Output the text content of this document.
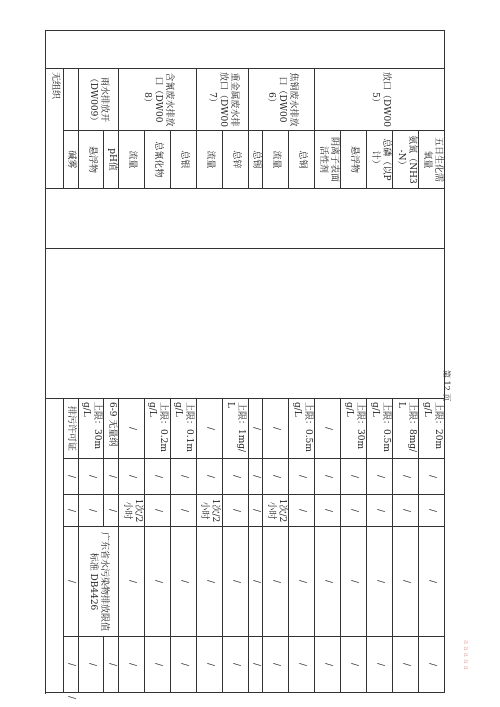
	放口（DW005）	五日生化需氧量			上限：20mg/L	/	/	/	/	
		氨氮（NH3-N）			上限：8mg/L	/	/	/	/	
		总磷（以P计）			上限：0.5mg/L	/	/	/	/	
		悬浮物			上限：30mg/L	/	/	/	/	
		阴离子表面活性剂			/	/	/	/	/	
	焦铜废水排放口（DW006）	总铜			上限：0.5mg/L	/	/	/	/	
		流量			/	/	1次/2小时	/	/	
		总锡			/	/	/	/	/	
	重金属废水排放口（DW007）	总锌			上限：1mg/L	/	/	/	/	
		流量			/	/	1次/2小时	/	/	
	含氰废水排放口（DW008）	总银			上限：0.1mg/L	/	/	/	/	
		总氰化物			上限：0.2mg/L	/	/	/	/	
		流量			/	/	1次/2小时	/	/	
	雨水排放开（DW009）	pH值			6-9 无量纲	/	/	广东省水污染物排放限值标准 DB4426	/	
		悬浮物			上限：30mg/L	/	/		/	
		碱雾			排污许可证	/	/	/	/	/
	无组织									
第 12 页
a a a a a
